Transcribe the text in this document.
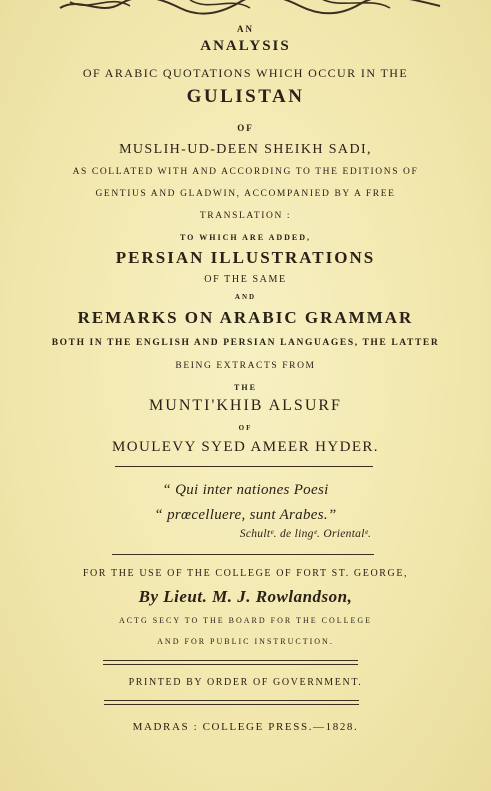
AN
ANALYSIS
OF ARABIC QUOTATIONS WHICH OCCUR IN THE
GULISTAN
OF
MUSLIH-UD-DEEN SHEIKH SADI,
AS COLLATED WITH AND ACCORDING TO THE EDITIONS OF
GENTIUS AND GLADWIN, ACCOMPANIED BY A FREE
TRANSLATION :
TO WHICH ARE ADDED,
PERSIAN ILLUSTRATIONS
OF THE SAME
AND
REMARKS ON ARABIC GRAMMAR
BOTH IN THE ENGLISH AND PERSIAN LANGUAGES, THE LATTER
BEING EXTRACTS FROM
THE
MUNTI'KHIB ALSURF
OF
MOULEVY SYED AMEER HYDER.
“ Qui inter nationes Poesi
“ prœcelluere, sunt Arabes.”
Schultᵉ. de lingᵉ. Orientalᵉ.
FOR THE USE OF THE COLLEGE OF FORT ST. GEORGE,
By Lieut. M. J. Rowlandson,
ACTG SECY TO THE BOARD FOR THE COLLEGE
AND FOR PUBLIC INSTRUCTION.
PRINTED BY ORDER OF GOVERNMENT.
MADRAS : COLLEGE PRESS.—1828.
